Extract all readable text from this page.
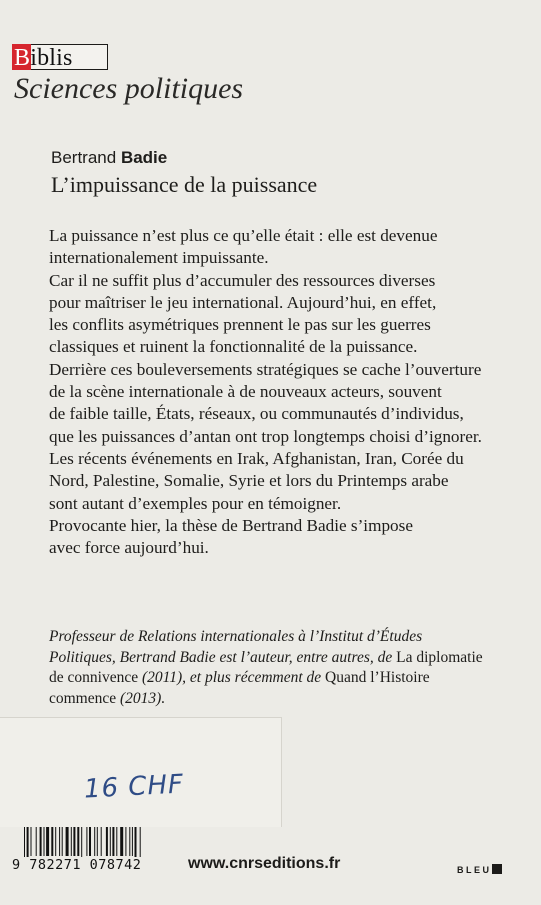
Biblis
Sciences politiques
Bertrand Badie
L’impuissance de la puissance
La puissance n’est plus ce qu’elle était : elle est devenue
internationalement impuissante.
Car il ne suffit plus d’accumuler des ressources diverses
pour maîtriser le jeu international. Aujourd’hui, en effet,
les conflits asymétriques prennent le pas sur les guerres
classiques et ruinent la fonctionnalité de la puissance.
Derrière ces bouleversements stratégiques se cache l’ouverture
de la scène internationale à de nouveaux acteurs, souvent
de faible taille, États, réseaux, ou communautés d’individus,
que les puissances d’antan ont trop longtemps choisi d’ignorer.
Les récents événements en Irak, Afghanistan, Iran, Corée du
Nord, Palestine, Somalie, Syrie et lors du Printemps arabe
sont autant d’exemples pour en témoigner.
Provocante hier, la thèse de Bertrand Badie s’impose
avec force aujourd’hui.
Professeur de Relations internationales à l’Institut d’Études
Politiques, Bertrand Badie est l’auteur, entre autres, de La diplomatie
de connivence (2011), et plus récemment de Quand l’Histoire
commence (2013).
16 CHF
9 782271 078742	www.cnrseditions.fr	BLEU
